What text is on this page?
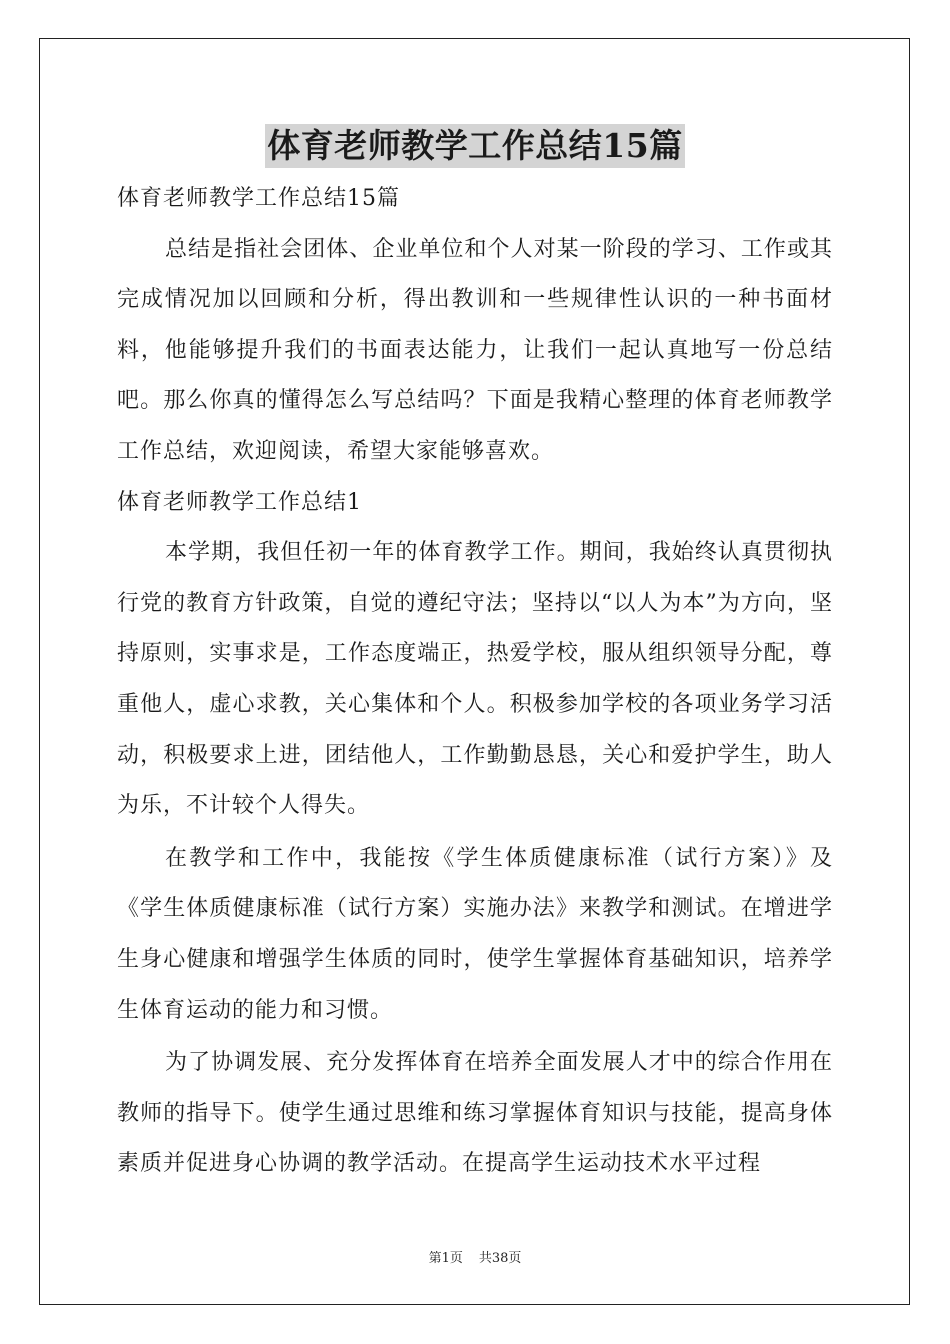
体育老师教学工作总结15篇

体育老师教学工作总结15篇

总结是指社会团体、企业单位和个人对某一阶段的学习、工作或其完成情况加以回顾和分析，得出教训和一些规律性认识的一种书面材料，他能够提升我们的书面表达能力，让我们一起认真地写一份总结吧。那么你真的懂得怎么写总结吗？下面是我精心整理的体育老师教学工作总结，欢迎阅读，希望大家能够喜欢。

体育老师教学工作总结1

本学期，我但任初一年的体育教学工作。期间，我始终认真贯彻执行党的教育方针政策，自觉的遵纪守法；坚持以“以人为本”为方向，坚持原则，实事求是，工作态度端正，热爱学校，服从组织领导分配，尊重他人，虚心求教，关心集体和个人。积极参加学校的各项业务学习活动，积极要求上进，团结他人，工作勤勤恳恳，关心和爱护学生，助人为乐，不计较个人得失。

在教学和工作中，我能按《学生体质健康标准（试行方案）》及《学生体质健康标准（试行方案）实施办法》来教学和测试。在增进学生身心健康和增强学生体质的同时，使学生掌握体育基础知识，培养学生体育运动的能力和习惯。

为了协调发展、充分发挥体育在培养全面发展人才中的综合作用在教师的指导下。使学生通过思维和练习掌握体育知识与技能，提高身体素质并促进身心协调的教学活动。在提高学生运动技术水平过程

第1页 共38页
